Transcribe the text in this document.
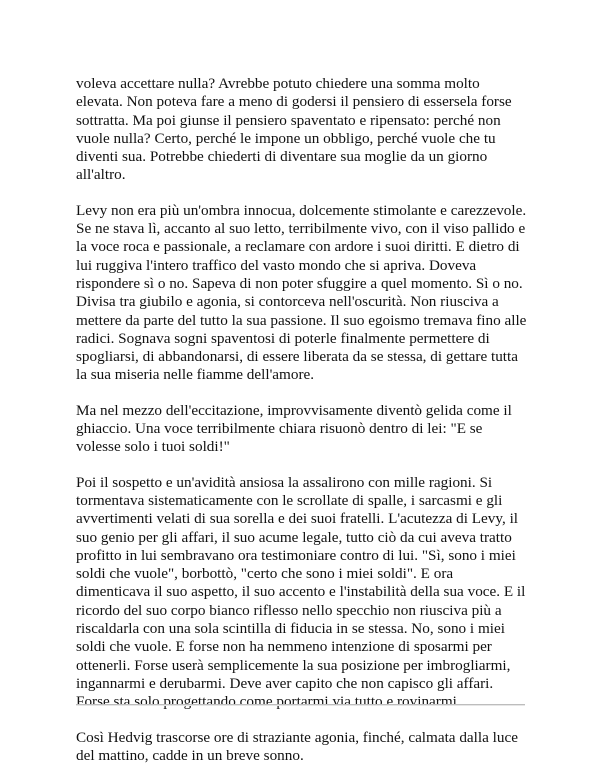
voleva accettare nulla? Avrebbe potuto chiedere una somma molto elevata. Non poteva fare a meno di godersi il pensiero di essersela forse sottratta. Ma poi giunse il pensiero spaventato e ripensato: perché non vuole nulla? Certo, perché le impone un obbligo, perché vuole che tu diventi sua. Potrebbe chiederti di diventare sua moglie da un giorno all'altro.

Levy non era più un'ombra innocua, dolcemente stimolante e carezzevole. Se ne stava lì, accanto al suo letto, terribilmente vivo, con il viso pallido e la voce roca e passionale, a reclamare con ardore i suoi diritti. E dietro di lui ruggiva l'intero traffico del vasto mondo che si apriva. Doveva rispondere sì o no. Sapeva di non poter sfuggire a quel momento. Sì o no. Divisa tra giubilo e agonia, si contorceva nell'oscurità. Non riusciva a mettere da parte del tutto la sua passione. Il suo egoismo tremava fino alle radici. Sognava sogni spaventosi di poterle finalmente permettere di spogliarsi, di abbandonarsi, di essere liberata da se stessa, di gettare tutta la sua miseria nelle fiamme dell'amore.

Ma nel mezzo dell'eccitazione, improvvisamente diventò gelida come il ghiaccio. Una voce terribilmente chiara risuonò dentro di lei: "E se volesse solo i tuoi soldi!"

Poi il sospetto e un'avidità ansiosa la assalirono con mille ragioni. Si tormentava sistematicamente con le scrollate di spalle, i sarcasmi e gli avvertimenti velati di sua sorella e dei suoi fratelli. L'acutezza di Levy, il suo genio per gli affari, il suo acume legale, tutto ciò da cui aveva tratto profitto in lui sembravano ora testimoniare contro di lui. "Sì, sono i miei soldi che vuole", borbottò, "certo che sono i miei soldi". E ora dimenticava il suo aspetto, il suo accento e l'instabilità della sua voce. E il ricordo del suo corpo bianco riflesso nello specchio non riusciva più a riscaldarla con una sola scintilla di fiducia in se stessa. No, sono i miei soldi che vuole. E forse non ha nemmeno intenzione di sposarmi per ottenerli. Forse userà semplicemente la sua posizione per imbrogliarmi, ingannarmi e derubarmi. Deve aver capito che non capisco gli affari. Forse sta solo progettando come portarmi via tutto e rovinarmi.

Così Hedvig trascorse ore di straziante agonia, finché, calmata dalla luce del mattino, cadde in un breve sonno.
